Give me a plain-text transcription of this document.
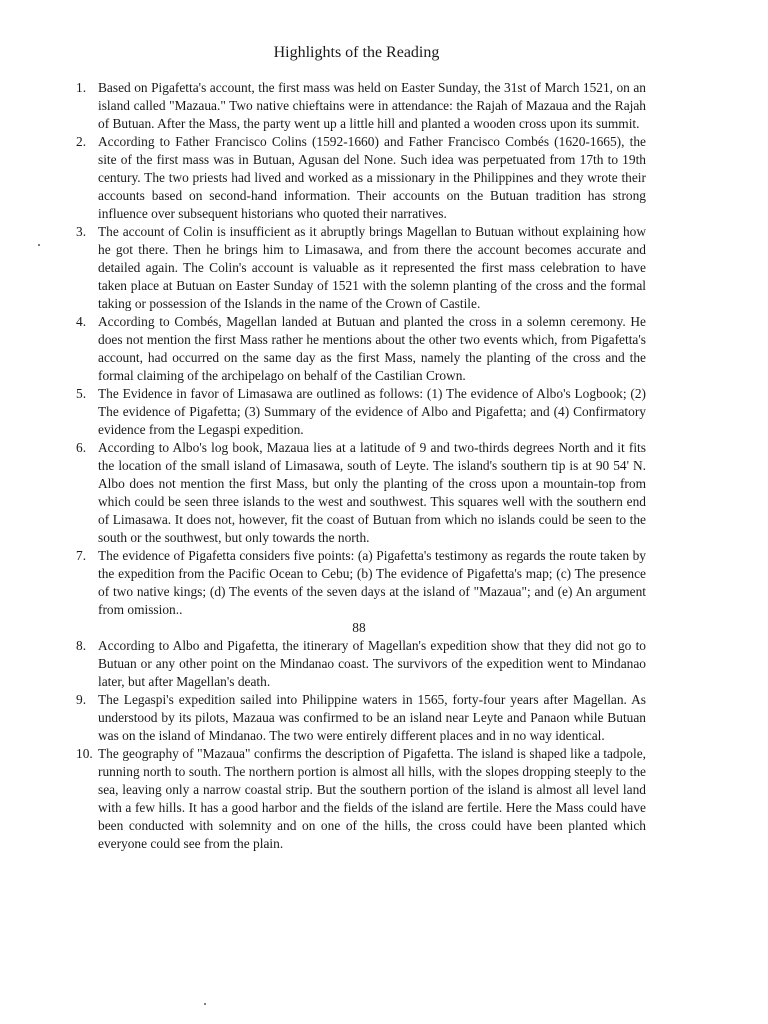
Highlights of the Reading
1. Based on Pigafetta's account, the first mass was held on Easter Sunday, the 31st of March 1521, on an island called "Mazaua." Two native chieftains were in attendance: the Rajah of Mazaua and the Rajah of Butuan. After the Mass, the party went up a little hill and planted a wooden cross upon its summit.
2. According to Father Francisco Colins (1592-1660) and Father Francisco Combés (1620-1665), the site of the first mass was in Butuan, Agusan del None. Such idea was perpetuated from 17th to 19th century. The two priests had lived and worked as a missionary in the Philippines and they wrote their accounts based on second-hand information. Their accounts on the Butuan tradition has strong influence over subsequent historians who quoted their narratives.
3. The account of Colin is insufficient as it abruptly brings Magellan to Butuan without explaining how he got there. Then he brings him to Limasawa, and from there the account becomes accurate and detailed again. The Colin's account is valuable as it represented the first mass celebration to have taken place at Butuan on Easter Sunday of 1521 with the solemn planting of the cross and the formal taking or possession of the Islands in the name of the Crown of Castile.
4. According to Combés, Magellan landed at Butuan and planted the cross in a solemn ceremony. He does not mention the first Mass rather he mentions about the other two events which, from Pigafetta's account, had occurred on the same day as the first Mass, namely the planting of the cross and the formal claiming of the archipelago on behalf of the Castilian Crown.
5. The Evidence in favor of Limasawa are outlined as follows: (1) The evidence of Albo's Logbook; (2) The evidence of Pigafetta; (3) Summary of the evidence of Albo and Pigafetta; and (4) Confirmatory evidence from the Legaspi expedition.
6. According to Albo's log book, Mazaua lies at a latitude of 9 and two-thirds degrees North and it fits the location of the small island of Limasawa, south of Leyte. The island's southern tip is at 90 54' N. Albo does not mention the first Mass, but only the planting of the cross upon a mountain-top from which could be seen three islands to the west and southwest. This squares well with the southern end of Limasawa. It does not, however, fit the coast of Butuan from which no islands could be seen to the south or the southwest, but only towards the north.
7. The evidence of Pigafetta considers five points: (a) Pigafetta's testimony as regards the route taken by the expedition from the Pacific Ocean to Cebu; (b) The evidence of Pigafetta's map; (c) The presence of two native kings; (d) The events of the seven days at the island of "Mazaua"; and (e) An argument from omission..
88
8. According to Albo and Pigafetta, the itinerary of Magellan's expedition show that they did not go to Butuan or any other point on the Mindanao coast. The survivors of the expedition went to Mindanao later, but after Magellan's death.
9. The Legaspi's expedition sailed into Philippine waters in 1565, forty-four years after Magellan. As understood by its pilots, Mazaua was confirmed to be an island near Leyte and Panaon while Butuan was on the island of Mindanao. The two were entirely different places and in no way identical.
10. The geography of "Mazaua" confirms the description of Pigafetta. The island is shaped like a tadpole, running north to south. The northern portion is almost all hills, with the slopes dropping steeply to the sea, leaving only a narrow coastal strip. But the southern portion of the island is almost all level land with a few hills. It has a good harbor and the fields of the island are fertile. Here the Mass could have been conducted with solemnity and on one of the hills, the cross could have been planted which everyone could see from the plain.
